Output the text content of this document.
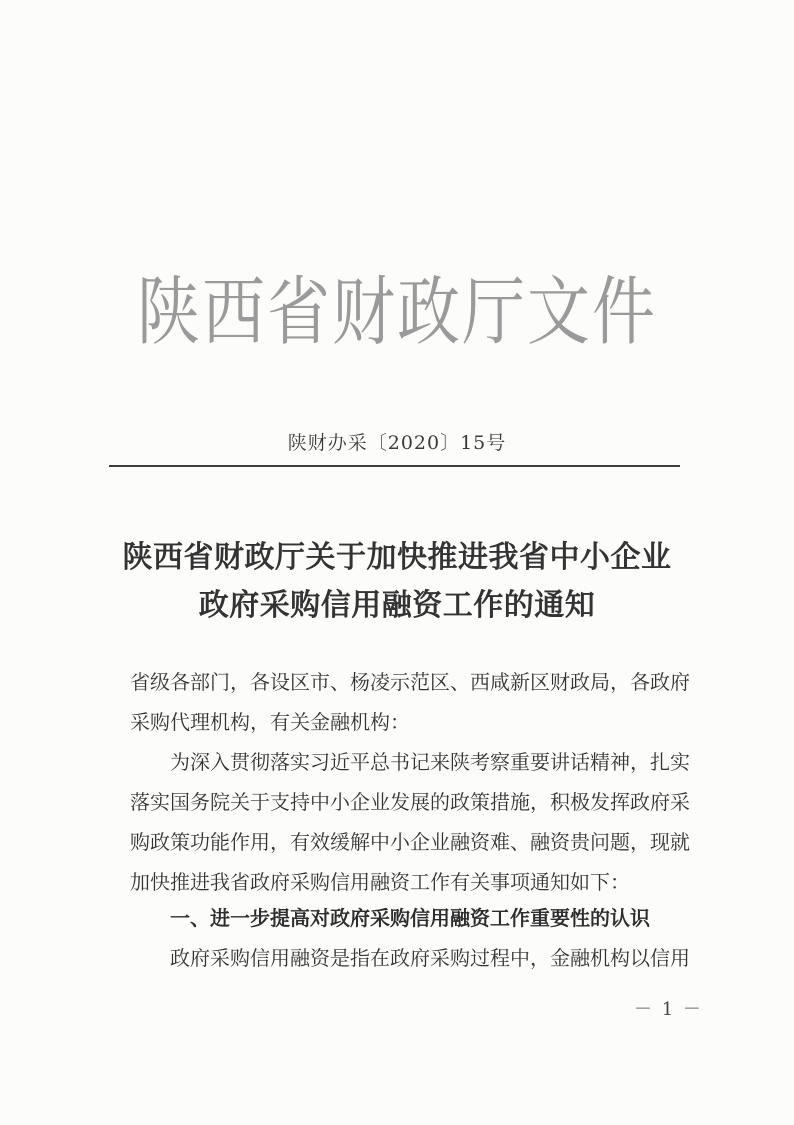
陕西省财政厅文件
陕财办采〔2020〕15号
陕西省财政厅关于加快推进我省中小企业
政府采购信用融资工作的通知
省级各部门，各设区市、杨凌示范区、西咸新区财政局，各政府
采购代理机构，有关金融机构：
为深入贯彻落实习近平总书记来陕考察重要讲话精神，扎实
落实国务院关于支持中小企业发展的政策措施，积极发挥政府采
购政策功能作用，有效缓解中小企业融资难、融资贵问题，现就
加快推进我省政府采购信用融资工作有关事项通知如下：
一、进一步提高对政府采购信用融资工作重要性的认识
政府采购信用融资是指在政府采购过程中，金融机构以信用
－ 1 －
